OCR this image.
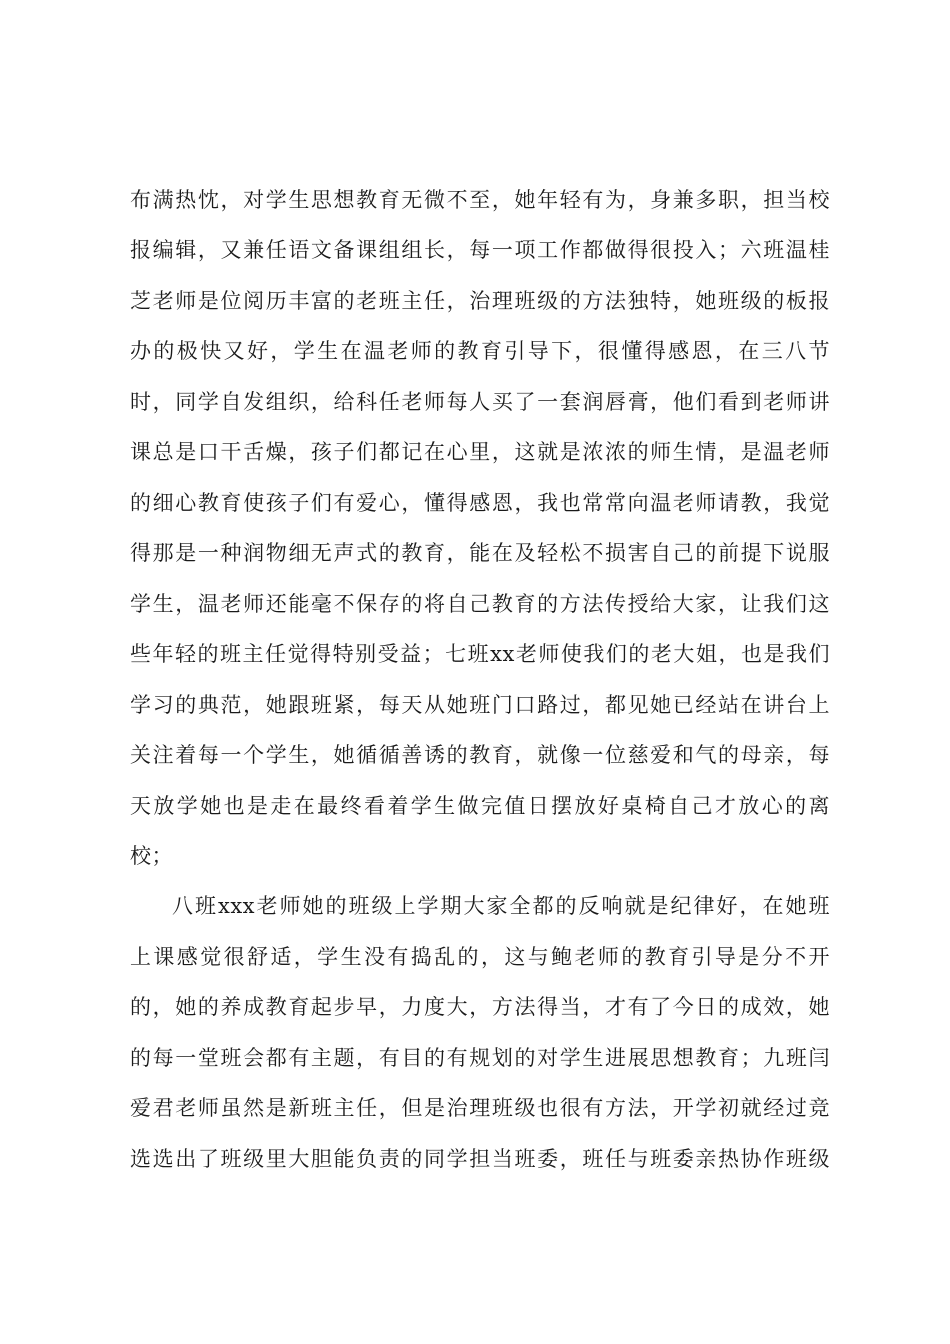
布满热忱，对学生思想教育无微不至，她年轻有为，身兼多职，担当校
报编辑，又兼任语文备课组组长，每一项工作都做得很投入；六班温桂
芝老师是位阅历丰富的老班主任，治理班级的方法独特，她班级的板报
办的极快又好，学生在温老师的教育引导下，很懂得感恩，在三八节
时，同学自发组织，给科任老师每人买了一套润唇膏，他们看到老师讲
课总是口干舌燥，孩子们都记在心里，这就是浓浓的师生情，是温老师
的细心教育使孩子们有爱心，懂得感恩，我也常常向温老师请教，我觉
得那是一种润物细无声式的教育，能在及轻松不损害自己的前提下说服
学生，温老师还能毫不保存的将自己教育的方法传授给大家，让我们这
些年轻的班主任觉得特别受益；七班xx老师使我们的老大姐，也是我们
学习的典范，她跟班紧，每天从她班门口路过，都见她已经站在讲台上
关注着每一个学生，她循循善诱的教育，就像一位慈爱和气的母亲，每
天放学她也是走在最终看着学生做完值日摆放好桌椅自己才放心的离
校；
八班xxx老师她的班级上学期大家全都的反响就是纪律好，在她班
上课感觉很舒适，学生没有捣乱的，这与鲍老师的教育引导是分不开
的，她的养成教育起步早，力度大，方法得当，才有了今日的成效，她
的每一堂班会都有主题，有目的有规划的对学生进展思想教育；九班闫
爱君老师虽然是新班主任，但是治理班级也很有方法，开学初就经过竞
选选出了班级里大胆能负责的同学担当班委，班任与班委亲热协作班级
